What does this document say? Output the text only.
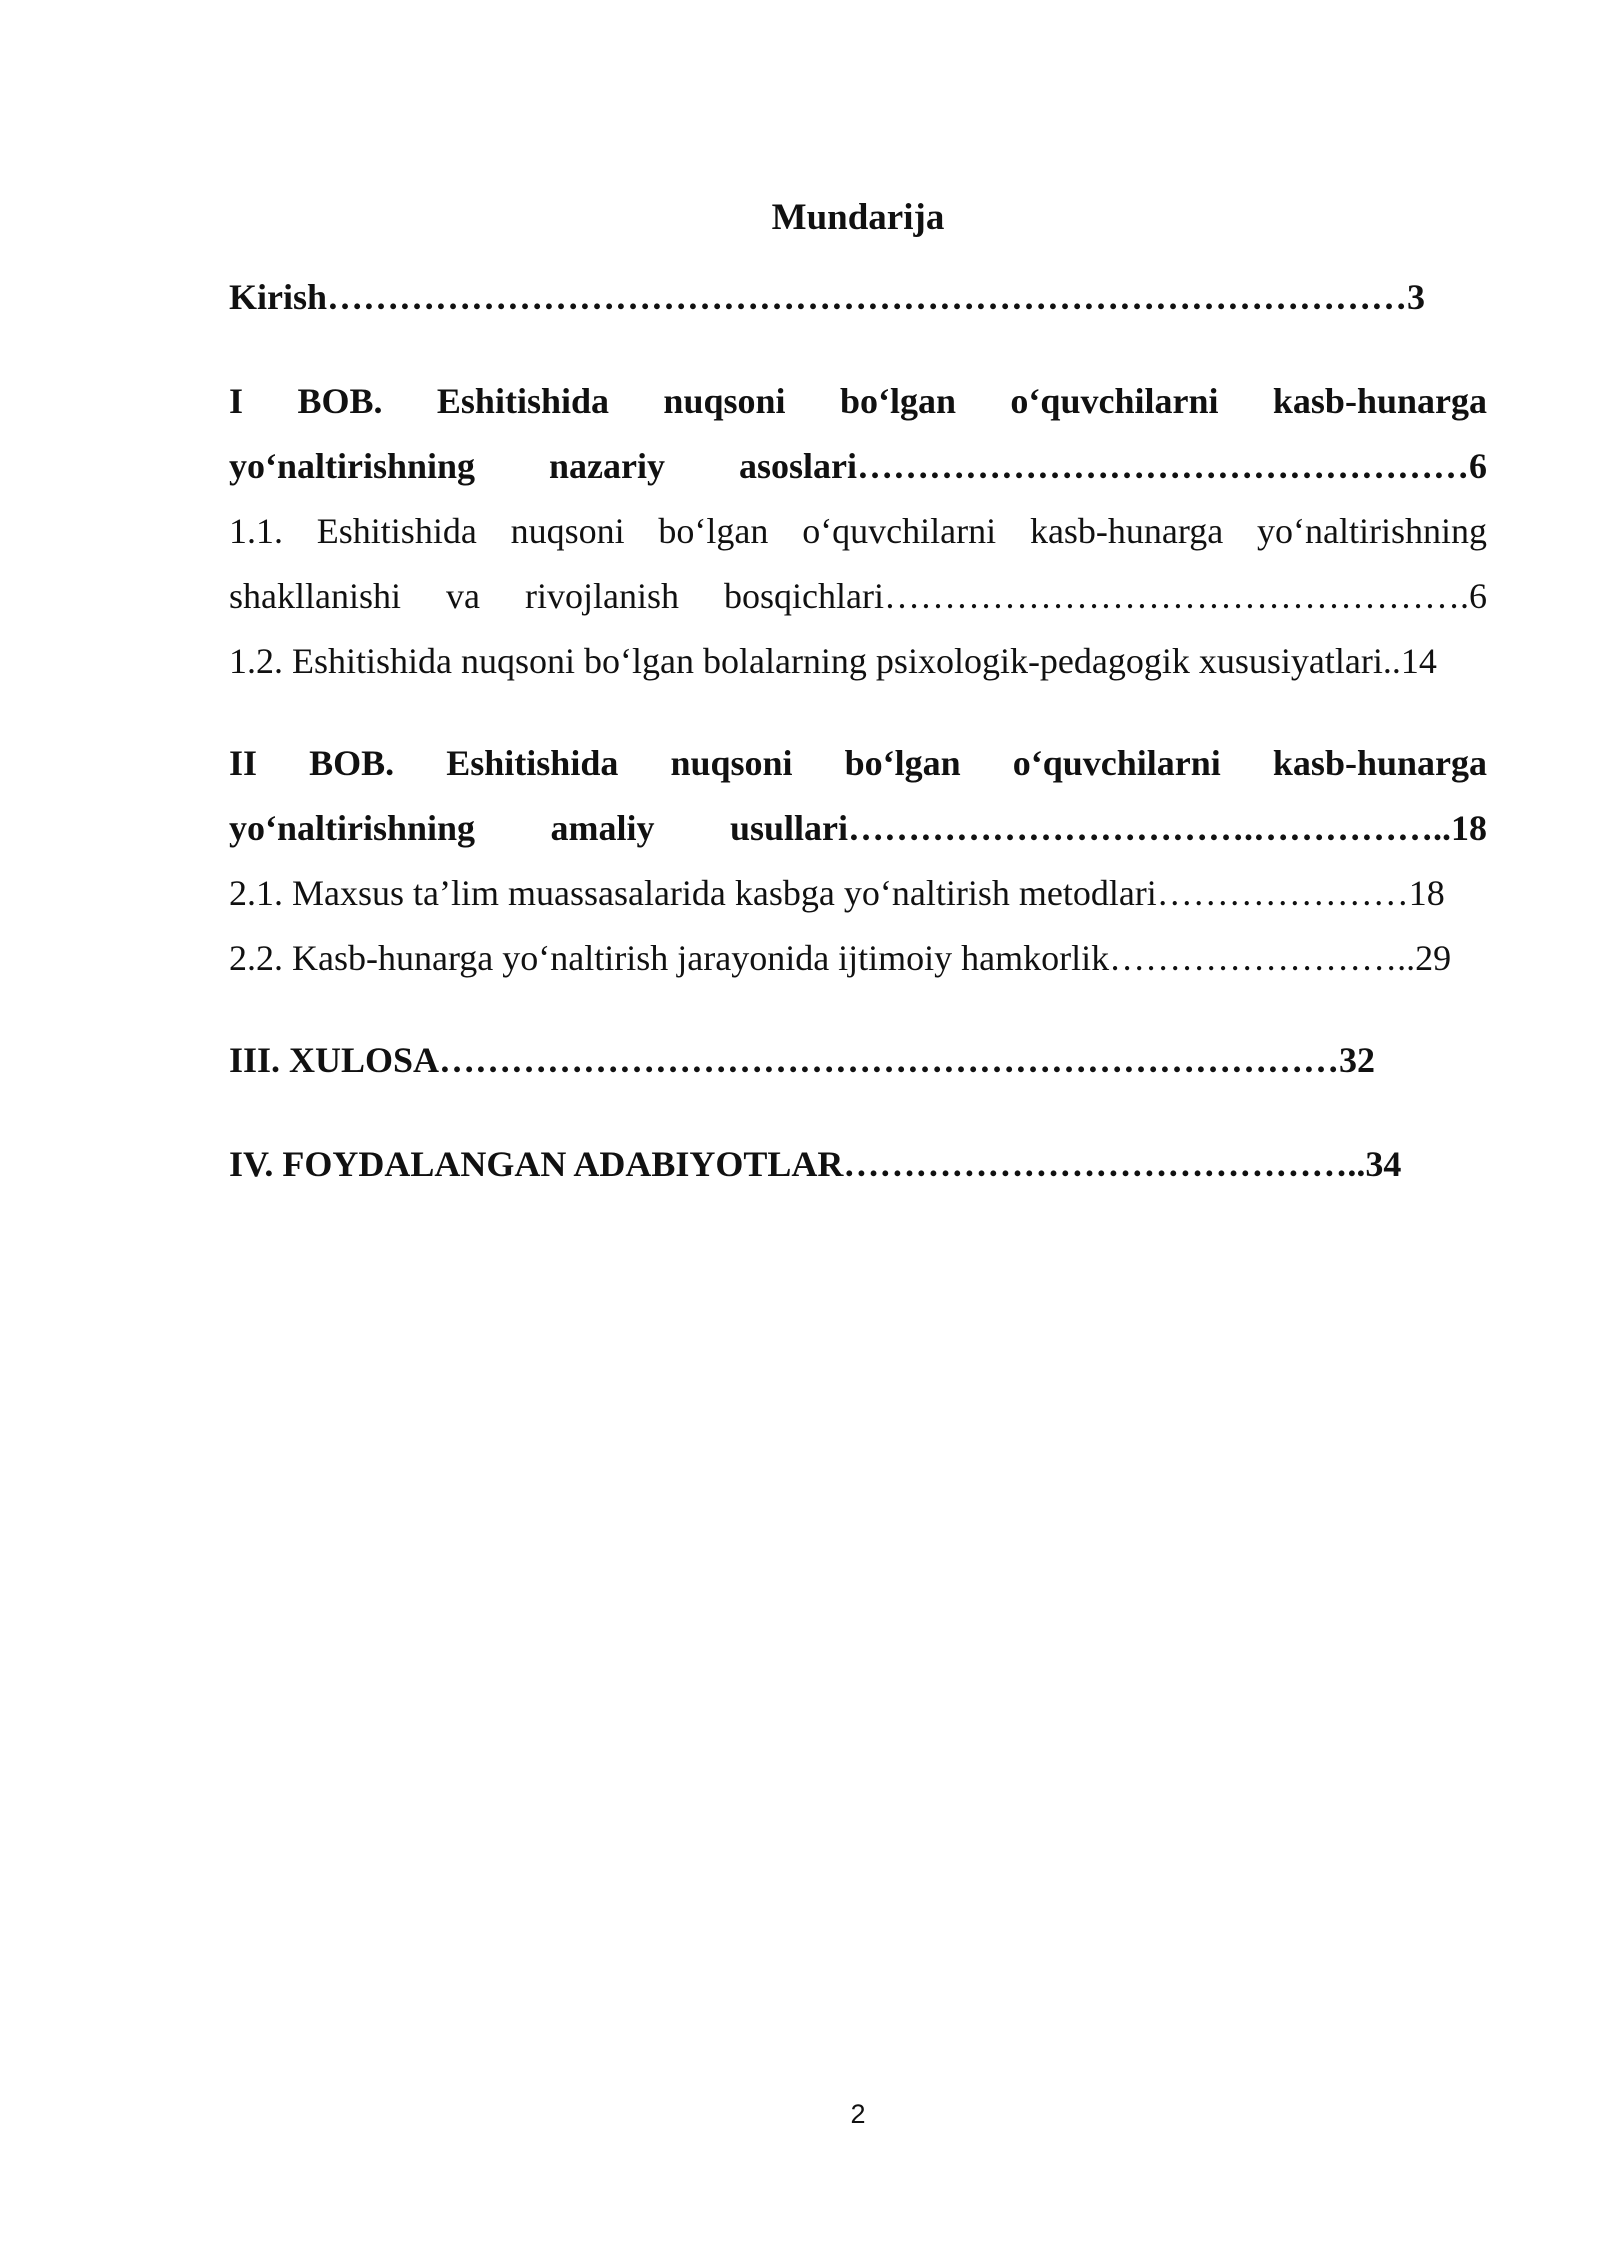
Mundarija
Kirish………………………………………………………………………………3
I BOB. Eshitishida nuqsoni bo‘lgan o‘quvchilarni kasb-hunarga
yo‘naltirishning nazariy asoslari……………………………………………6
1.1. Eshitishida nuqsoni bo‘lgan o‘quvchilarni kasb-hunarga yo‘naltirishning
shakllanishi va rivojlanish bosqichlari………………………………………….6
1.2. Eshitishida nuqsoni bo‘lgan bolalarning psixologik-pedagogik xususiyatlari..14
II BOB. Eshitishida nuqsoni bo‘lgan o‘quvchilarni kasb-hunarga
yo‘naltirishning amaliy usullari…………………………….……………..18
2.1. Maxsus ta’lim muassasalarida kasbga yo‘naltirish metodlari…………………18
2.2. Kasb-hunarga yo‘naltirish jarayonida ijtimoiy hamkorlik……………………..29
III. XULOSA…………………………………………………………………32
IV. FOYDALANGAN ADABIYOTLAR……………………………………..34
2
